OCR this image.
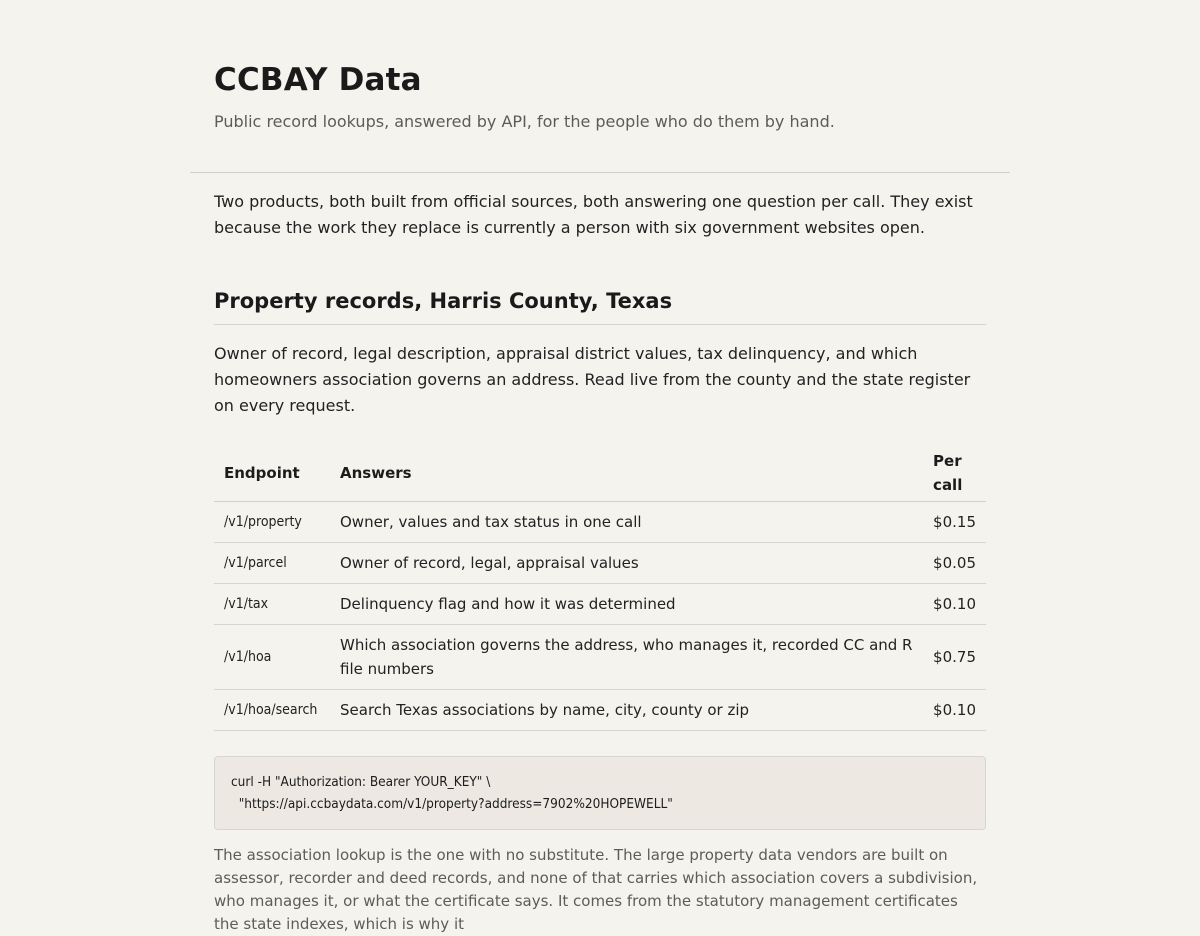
CCBAY Data

Public record lookups, answered by API, for the people who do them by hand.

Two products, both built from official sources, both answering one question per call. They exist because the work they replace is currently a person with six government websites open.

Property records, Harris County, Texas

Owner of record, legal description, appraisal district values, tax delinquency, and which homeowners association governs an address. Read live from the county and the state register on every request.

Endpoint	Answers	Per call
/v1/property	Owner, values and tax status in one call	$0.15
/v1/parcel	Owner of record, legal, appraisal values	$0.05
/v1/tax	Delinquency flag and how it was determined	$0.10
/v1/hoa	Which association governs the address, who manages it, recorded CC and R file numbers	$0.75
/v1/hoa/search	Search Texas associations by name, city, county or zip	$0.10
curl -H "Authorization: Bearer YOUR_KEY" \
"https://api.ccbaydata.com/v1/property?address=7902%20HOPEWELL"

The association lookup is the one with no substitute. The large property data vendors are built on assessor, recorder and deed records, and none of that carries which association covers a subdivision, who manages it, or what the certificate says. It comes from the statutory management certificates the state indexes, which is why it
